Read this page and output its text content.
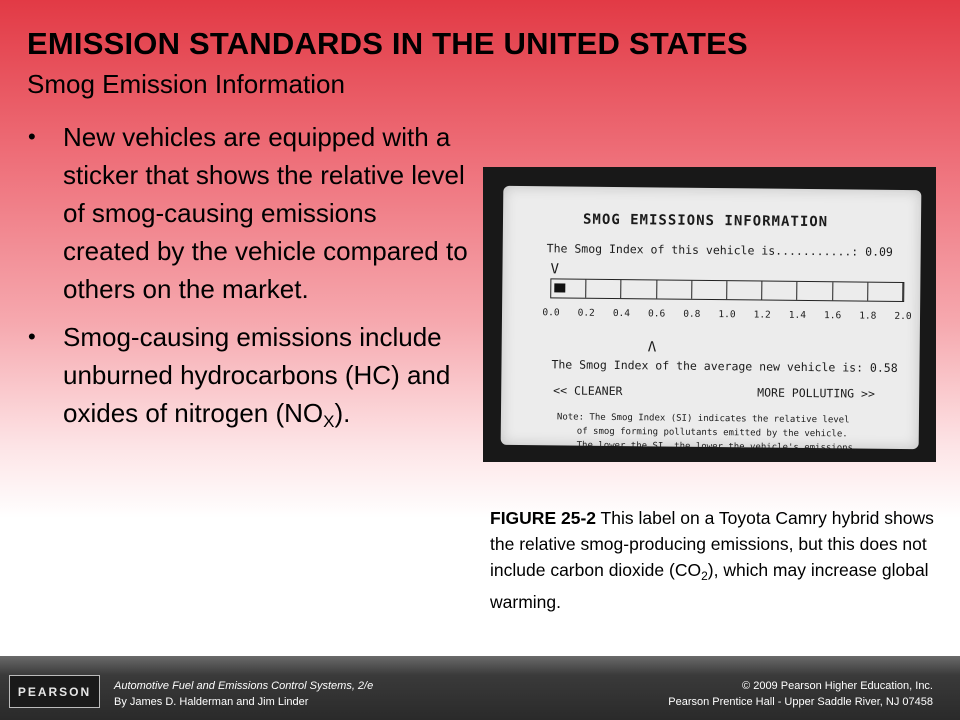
EMISSION STANDARDS IN THE UNITED STATES
Smog Emission Information
• New vehicles are equipped with a sticker that shows the relative level of smog-causing emissions created by the vehicle compared to others on the market.
• Smog-causing emissions include unburned hydrocarbons (HC) and oxides of nitrogen $(NO_X)$.
SMOG EMISSIONS INFORMATION
The Smog Index of this vehicle is...........: 0.09
V
0.0 0.2 0.4 0.6 0.8 1.0 1.2 1.4 1.6 1.8 2.0
Λ
The Smog Index of the average new vehicle is: 0.58
<< CLEANER	MORE POLLUTING >>
Note: The Smog Index (SI) indicates the relative level
of smog forming pollutants emitted by the vehicle.
The lower the SI, the lower the vehicle's emissions.
FIGURE 25-2 This label on a Toyota Camry hybrid shows the relative smog-producing emissions, but this does not include carbon dioxide $(CO_2)$, which may increase global warming.
PEARSON	Automotive Fuel and Emissions Control Systems, 2/e
By James D. Halderman and Jim Linder
© 2009 Pearson Higher Education, Inc.
Pearson Prentice Hall - Upper Saddle River, NJ 07458
